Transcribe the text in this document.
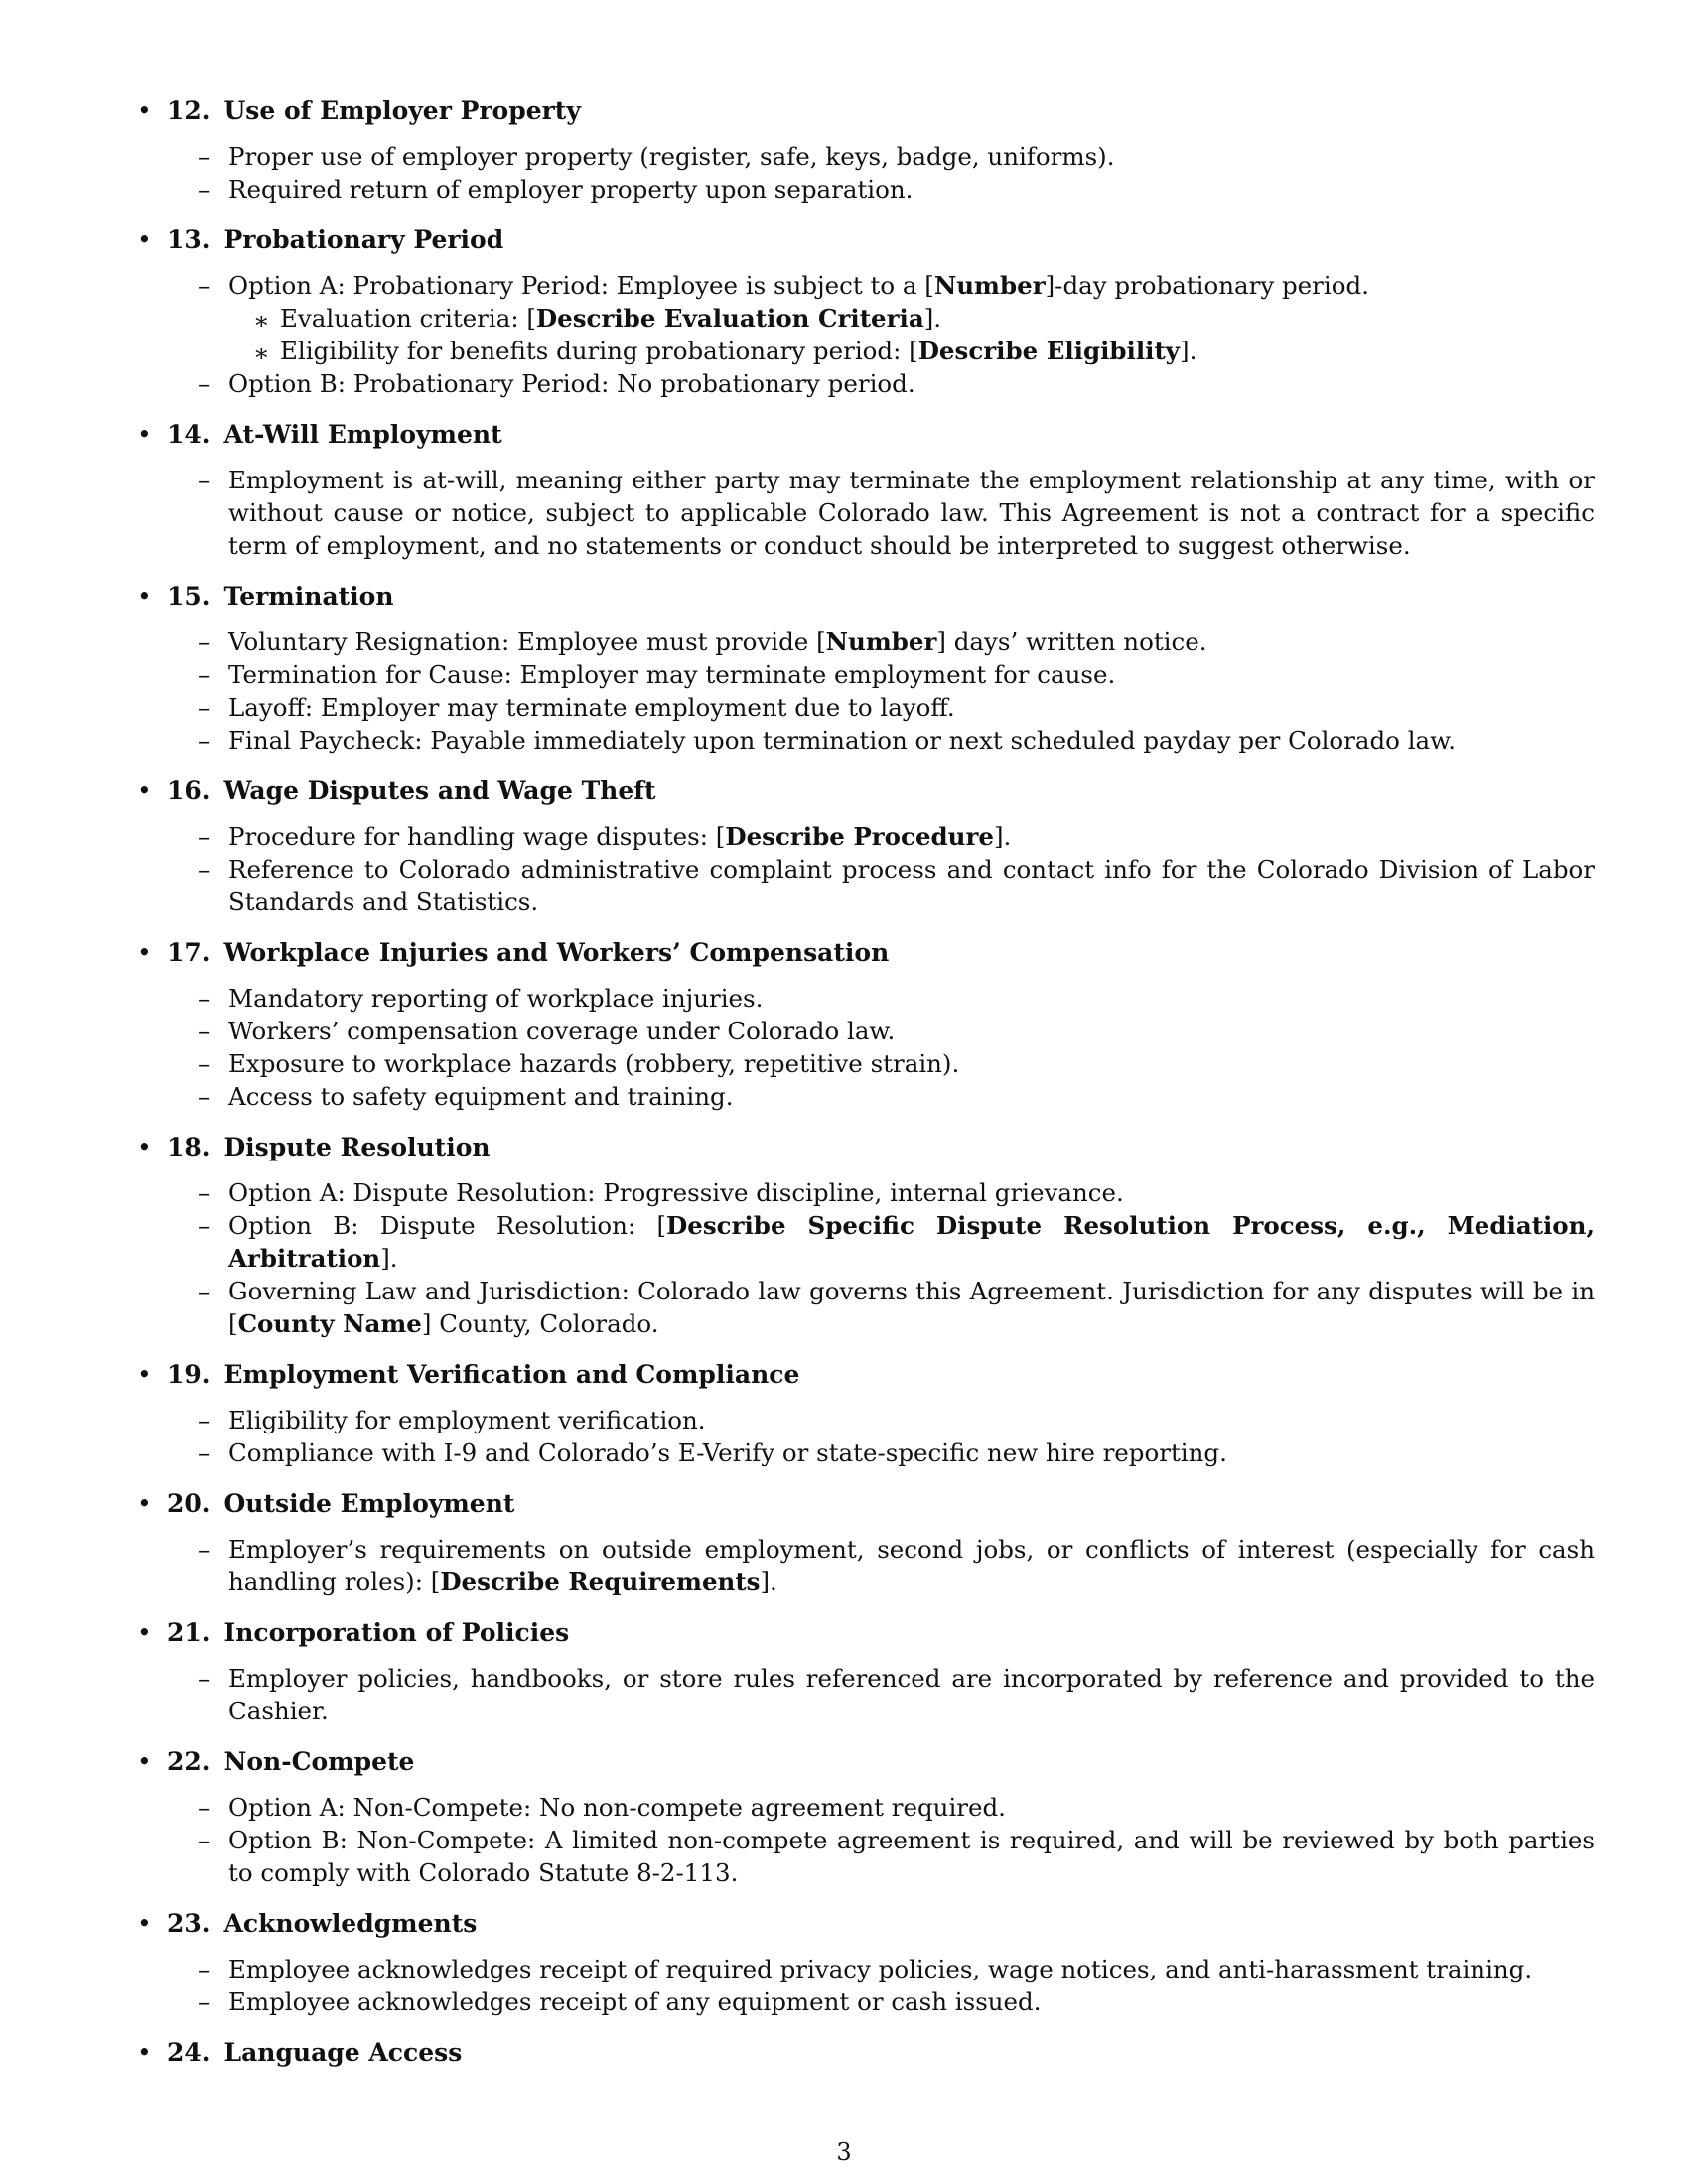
• 12. Use of Employer Property
– Proper use of employer property (register, safe, keys, badge, uniforms).
– Required return of employer property upon separation.
• 13. Probationary Period
– Option A: Probationary Period: Employee is subject to a [Number]-day probationary period.
∗ Evaluation criteria: [Describe Evaluation Criteria].
∗ Eligibility for benefits during probationary period: [Describe Eligibility].
– Option B: Probationary Period: No probationary period.
• 14. At-Will Employment
– Employment is at-will, meaning either party may terminate the employment relationship at any time, with or without cause or notice, subject to applicable Colorado law. This Agreement is not a contract for a specific term of employment, and no statements or conduct should be interpreted to suggest otherwise.
• 15. Termination
– Voluntary Resignation: Employee must provide [Number] days’ written notice.
– Termination for Cause: Employer may terminate employment for cause.
– Layoff: Employer may terminate employment due to layoff.
– Final Paycheck: Payable immediately upon termination or next scheduled payday per Colorado law.
• 16. Wage Disputes and Wage Theft
– Procedure for handling wage disputes: [Describe Procedure].
– Reference to Colorado administrative complaint process and contact info for the Colorado Division of Labor Standards and Statistics.
• 17. Workplace Injuries and Workers’ Compensation
– Mandatory reporting of workplace injuries.
– Workers’ compensation coverage under Colorado law.
– Exposure to workplace hazards (robbery, repetitive strain).
– Access to safety equipment and training.
• 18. Dispute Resolution
– Option A: Dispute Resolution: Progressive discipline, internal grievance.
– Option B: Dispute Resolution: [Describe Specific Dispute Resolution Process, e.g., Mediation, Arbitration].
– Governing Law and Jurisdiction: Colorado law governs this Agreement. Jurisdiction for any disputes will be in [County Name] County, Colorado.
• 19. Employment Verification and Compliance
– Eligibility for employment verification.
– Compliance with I-9 and Colorado’s E-Verify or state-specific new hire reporting.
• 20. Outside Employment
– Employer’s requirements on outside employment, second jobs, or conflicts of interest (especially for cash handling roles): [Describe Requirements].
• 21. Incorporation of Policies
– Employer policies, handbooks, or store rules referenced are incorporated by reference and provided to the Cashier.
• 22. Non-Compete
– Option A: Non-Compete: No non-compete agreement required.
– Option B: Non-Compete: A limited non-compete agreement is required, and will be reviewed by both parties to comply with Colorado Statute 8-2-113.
• 23. Acknowledgments
– Employee acknowledges receipt of required privacy policies, wage notices, and anti-harassment training.
– Employee acknowledges receipt of any equipment or cash issued.
• 24. Language Access
3
